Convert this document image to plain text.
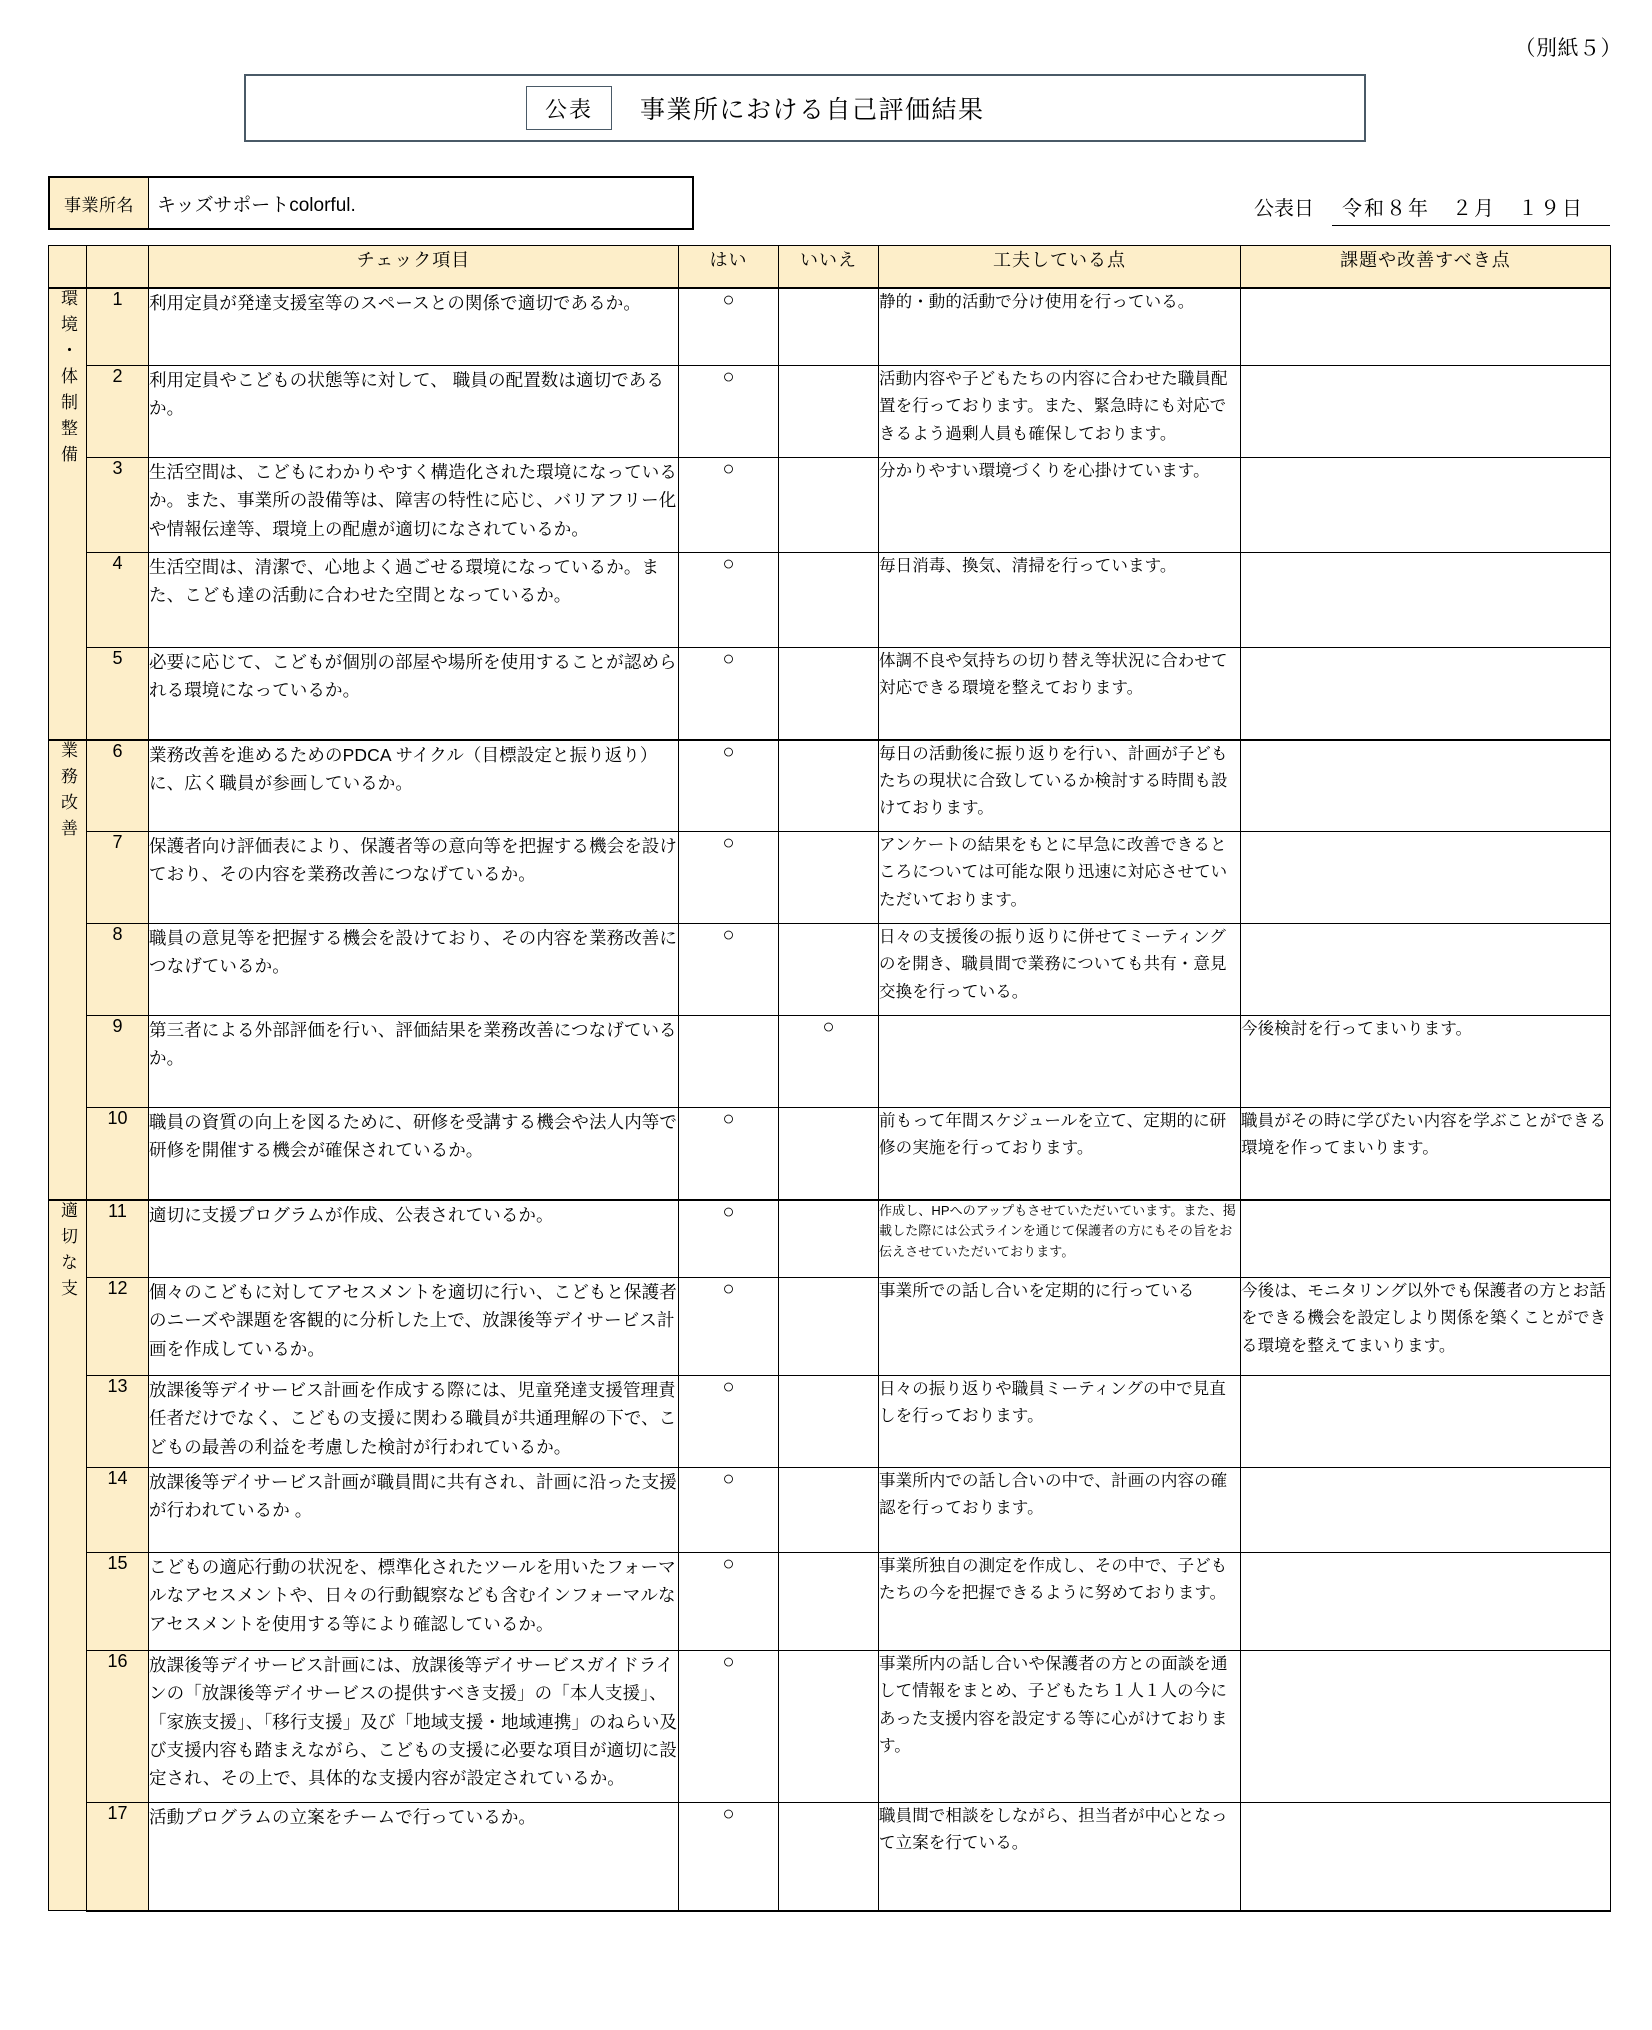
（別紙５）
公表	事業所における自己評価結果
事業所名	キッズサポートcolorful.	公表日	令和８年　２月　１９日
		チェック項目	はい	いいえ	工夫している点	課題や改善すべき点
環境・体制整備	1	利用定員が発達支援室等のスペースとの関係で適切であるか。	○		静的・動的活動で分け使用を行っている。	
	2	利用定員やこどもの状態等に対して、 職員の配置数は適切であるか。	○		活動内容や子どもたちの内容に合わせた職員配置を行っております。また、緊急時にも対応できるよう過剰人員も確保しております。	
	3	生活空間は、こどもにわかりやすく構造化された環境になっているか。また、事業所の設備等は、障害の特性に応じ、バリアフリー化や情報伝達等、環境上の配慮が適切になされているか。	○		分かりやすい環境づくりを心掛けています。	
	4	生活空間は、清潔で、心地よく過ごせる環境になっているか。また、こども達の活動に合わせた空間となっているか。	○		毎日消毒、換気、清掃を行っています。	
	5	必要に応じて、こどもが個別の部屋や場所を使用することが認められる環境になっているか。	○		体調不良や気持ちの切り替え等状況に合わせて対応できる環境を整えております。	
業務改善	6	業務改善を進めるためのPDCA サイクル（目標設定と振り返り）に、広く職員が参画しているか。	○		毎日の活動後に振り返りを行い、計画が子どもたちの現状に合致しているか検討する時間も設けております。	
	7	保護者向け評価表により、保護者等の意向等を把握する機会を設けており、その内容を業務改善につなげているか。	○		アンケートの結果をもとに早急に改善できるところについては可能な限り迅速に対応させていただいております。	
	8	職員の意見等を把握する機会を設けており、その内容を業務改善につなげているか。	○		日々の支援後の振り返りに併せてミーティングのを開き、職員間で業務についても共有・意見交換を行っている。	
	9	第三者による外部評価を行い、評価結果を業務改善につなげているか。		○		今後検討を行ってまいります。
	10	職員の資質の向上を図るために、研修を受講する機会や法人内等で研修を開催する機会が確保されているか。	○		前もって年間スケジュールを立て、定期的に研修の実施を行っております。	職員がその時に学びたい内容を学ぶことができる環境を作ってまいります。
適切な支	11	適切に支援プログラムが作成、公表されているか。	○		作成し、HPへのアップもさせていただいています。また、掲載した際には公式ラインを通じて保護者の方にもその旨をお伝えさせていただいております。	
	12	個々のこどもに対してアセスメントを適切に行い、こどもと保護者のニーズや課題を客観的に分析した上で、放課後等デイサービス計画を作成しているか。	○		事業所での話し合いを定期的に行っている	今後は、モニタリング以外でも保護者の方とお話をできる機会を設定しより関係を築くことができる環境を整えてまいります。
	13	放課後等デイサービス計画を作成する際には、児童発達支援管理責任者だけでなく、こどもの支援に関わる職員が共通理解の下で、こどもの最善の利益を考慮した検討が行われているか。	○		日々の振り返りや職員ミーティングの中で見直しを行っております。	
	14	放課後等デイサービス計画が職員間に共有され、計画に沿った支援が行われているか 。	○		事業所内での話し合いの中で、計画の内容の確認を行っております。	
	15	こどもの適応行動の状況を、標準化されたツールを用いたフォーマルなアセスメントや、日々の行動観察なども含むインフォーマルなアセスメントを使用する等により確認しているか。	○		事業所独自の測定を作成し、その中で、子どもたちの今を把握できるように努めております。	
	16	放課後等デイサービス計画には、放課後等デイサービスガイドラインの「放課後等デイサービスの提供すべき支援」の「本人支援」、「家族支援」、「移行支援」及び「地域支援・地域連携」のねらい及び支援内容も踏まえながら、こどもの支援に必要な項目が適切に設定され、その上で、具体的な支援内容が設定されているか。	○		事業所内の話し合いや保護者の方との面談を通して情報をまとめ、子どもたち１人１人の今にあった支援内容を設定する等に心がけております。	
	17	活動プログラムの立案をチームで行っているか。	○		職員間で相談をしながら、担当者が中心となって立案を行ている。	
